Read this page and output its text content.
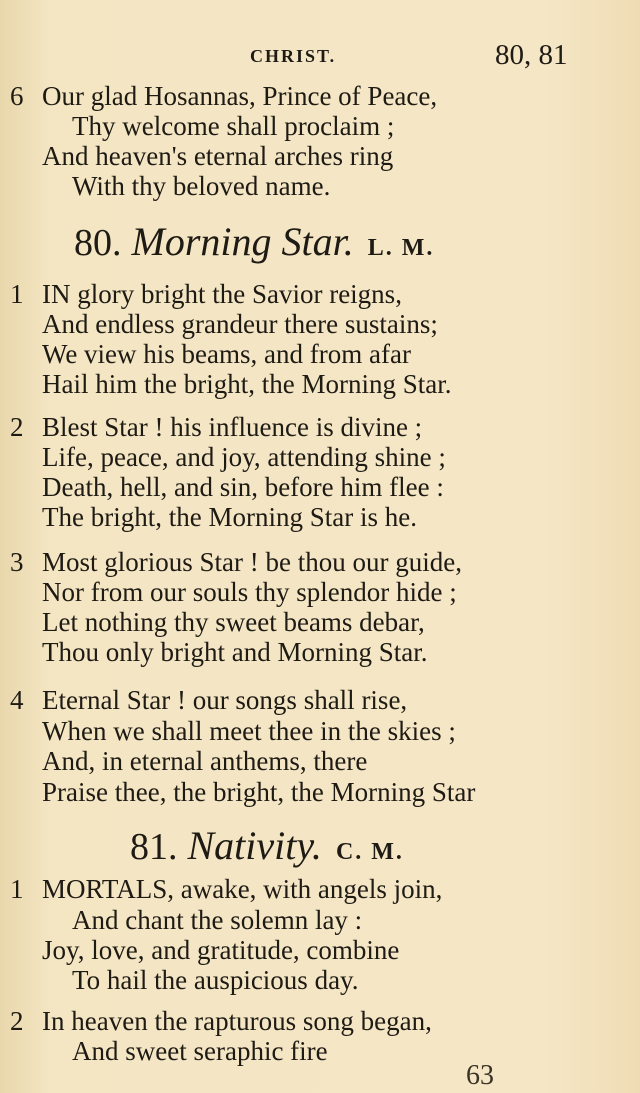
CHRIST.	80, 81
6 Our glad Hosannas, Prince of Peace,
Thy welcome shall proclaim ;
And heaven's eternal arches ring
With thy beloved name.
80. Morning Star. L. M.
1 IN glory bright the Savior reigns,
And endless grandeur there sustains;
We view his beams, and from afar
Hail him the bright, the Morning Star.
2 Blest Star ! his influence is divine ;
Life, peace, and joy, attending shine ;
Death, hell, and sin, before him flee :
The bright, the Morning Star is he.
3 Most glorious Star ! be thou our guide,
Nor from our souls thy splendor hide ;
Let nothing thy sweet beams debar,
Thou only bright and Morning Star.
4 Eternal Star ! our songs shall rise,
When we shall meet thee in the skies ;
And, in eternal anthems, there
Praise thee, the bright, the Morning Star
81. Nativity. C. M.
1 MORTALS, awake, with angels join,
And chant the solemn lay :
Joy, love, and gratitude, combine
To hail the auspicious day.
2 In heaven the rapturous song began,
And sweet seraphic fire
63
